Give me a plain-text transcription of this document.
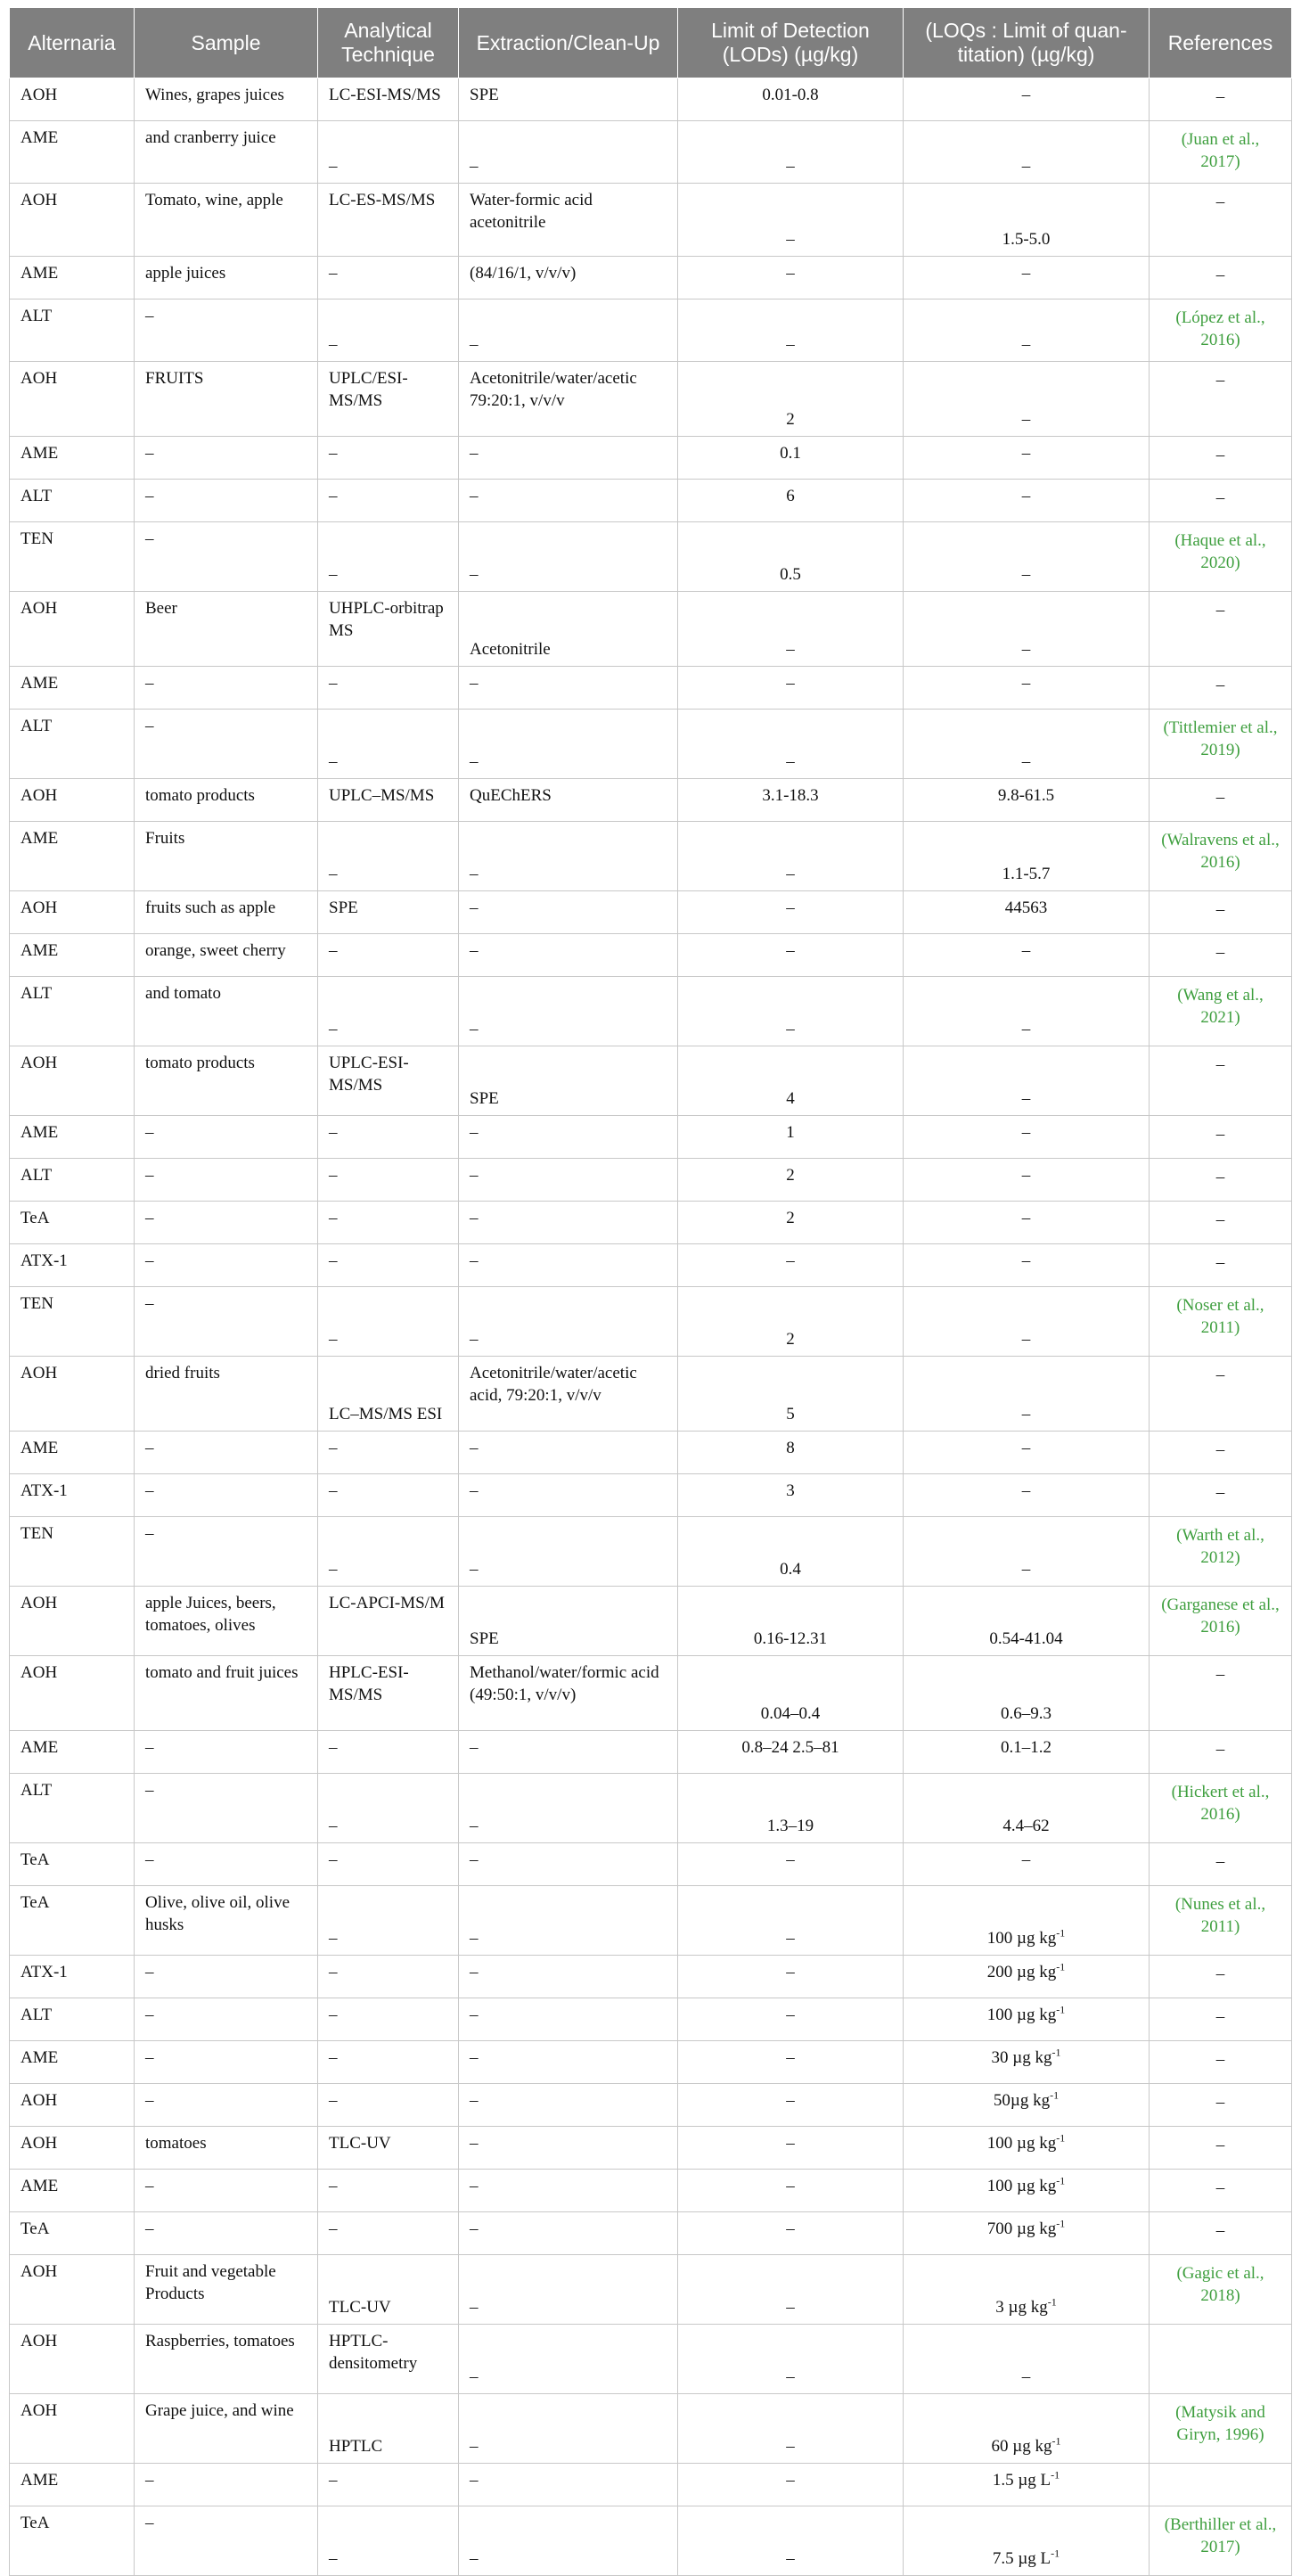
Alternaria	Sample	Analytical Technique	Extraction/Clean-Up	Limit of Detection (LODs) (µg/kg)	(LOQs : Limit of quan-titation) (µg/kg)	References
AOH	Wines, grapes juices	LC-ESI-MS/MS	SPE	0.01-0.8	–	–
AME	and cranberry juice	–	–	–	–	(Juan et al., 2017)
AOH	Tomato, wine, apple	LC-ES-MS/MS	Water-formic acid acetonitrile	–	1.5-5.0	–
AME	apple juices	–	(84/16/1, v/v/v)	–	–	–
ALT	–	–	–	–	–	(López et al., 2016)
AOH	FRUITS	UPLC/ESI-MS/MS	Acetonitrile/water/acetic 79:20:1, v/v/v	2	–	–
AME	–	–	–	0.1	–	–
ALT	–	–	–	6	–	–
TEN	–	–	–	0.5	–	(Haque et al., 2020)
AOH	Beer	UHPLC-orbitrap MS	Acetonitrile	–	–	–
AME	–	–	–	–	–	–
ALT	–	–	–	–	–	(Tittlemier et al., 2019)
AOH	tomato products	UPLC–MS/MS	QuEChERS	3.1-18.3	9.8-61.5	–
AME	Fruits	–	–	–	1.1-5.7	(Walravens et al., 2016)
AOH	fruits such as apple	SPE	–	–	44563	–
AME	orange, sweet cherry	–	–	–	–	–
ALT	and tomato	–	–	–	–	(Wang et al., 2021)
AOH	tomato products	UPLC-ESI-MS/MS	SPE	4	–	–
AME	–	–	–	1	–	–
ALT	–	–	–	2	–	–
TeA	–	–	–	2	–	–
ATX-1	–	–	–	–	–	–
TEN	–	–	–	2	–	(Noser et al., 2011)
AOH	dried fruits	LC–MS/MS ESI	Acetonitrile/water/acetic acid, 79:20:1, v/v/v	5	–	–
AME	–	–	–	8	–	–
ATX-1	–	–	–	3	–	–
TEN	–	–	–	0.4	–	(Warth et al., 2012)
AOH	apple Juices, beers, tomatoes, olives	LC-APCI-MS/M	SPE	0.16-12.31	0.54-41.04	(Garganese et al., 2016)
AOH	tomato and fruit juices	HPLC-ESI-MS/MS	Methanol/water/formic acid (49:50:1, v/v/v)	0.04–0.4	0.6–9.3	–
AME	–	–	–	0.8–24 2.5–81	0.1–1.2	–
ALT	–	–	–	1.3–19	4.4–62	(Hickert et al., 2016)
TeA	–	–	–	–	–	–
TeA	Olive, olive oil, olive husks	–	–	–	100 µg $kg^{-1}$	(Nunes et al., 2011)
ATX-1	–	–	–	–	200 µg $kg^{-1}$	–
ALT	–	–	–	–	100 µg $kg^{-1}$	–
AME	–	–	–	–	30 µg $kg^{-1}$	–
AOH	–	–	–	–	50µg $kg^{-1}$	–
AOH	tomatoes	TLC-UV	–	–	100 µg $kg^{-1}$	–
AME	–	–	–	–	100 µg $kg^{-1}$	–
TeA	–	–	–	–	700 µg $kg^{-1}$	–
AOH	Fruit and vegetable Products	TLC-UV	–	–	3 µg $kg^{-1}$	(Gagic et al., 2018)
AOH	Raspberries, tomatoes	HPTLC-densitometry	–	–	–	
AOH	Grape juice, and wine	HPTLC	–	–	60 µg $kg^{-1}$	(Matysik and Giryn, 1996)
AME	–	–	–	–	1.5 µg $L^{-1}$	
TeA	–	–	–	–	7.5 µg $L^{-1}$	(Berthiller et al., 2017)
